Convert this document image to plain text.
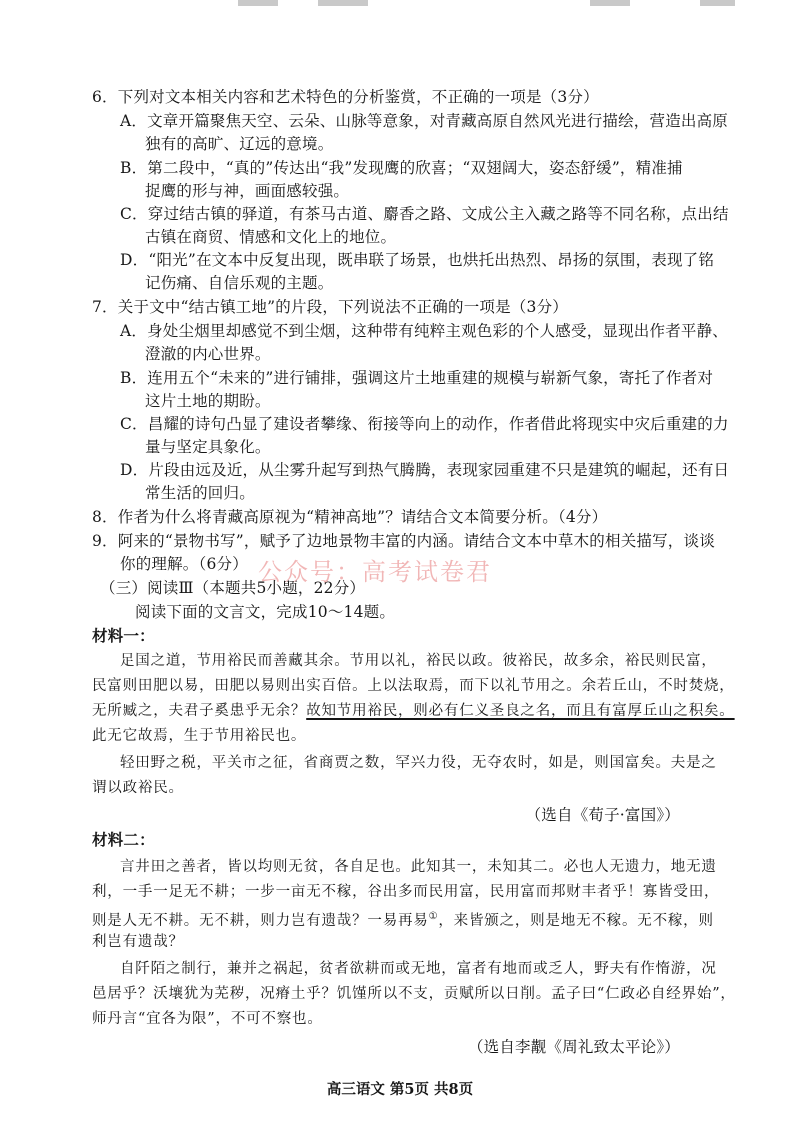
6．下列对文本相关内容和艺术特色的分析鉴赏，不正确的一项是（3分）
A．文章开篇聚焦天空、云朵、山脉等意象，对青藏高原自然风光进行描绘，营造出高原
独有的高旷、辽远的意境。
B．第二段中，“真的”传达出“我”发现鹰的欣喜；“双翅阔大，姿态舒缓”，精准捕
捉鹰的形与神，画面感较强。
C．穿过结古镇的驿道，有茶马古道、麝香之路、文成公主入藏之路等不同名称，点出结
古镇在商贸、情感和文化上的地位。
D．“阳光”在文本中反复出现，既串联了场景，也烘托出热烈、昂扬的氛围，表现了铭
记伤痛、自信乐观的主题。
7．关于文中“结古镇工地”的片段，下列说法不正确的一项是（3分）
A．身处尘烟里却感觉不到尘烟，这种带有纯粹主观色彩的个人感受，显现出作者平静、
澄澈的内心世界。
B．连用五个“未来的”进行铺排，强调这片土地重建的规模与崭新气象，寄托了作者对
这片土地的期盼。
C．昌耀的诗句凸显了建设者攀缘、衔接等向上的动作，作者借此将现实中灾后重建的力
量与坚定具象化。
D．片段由远及近，从尘雾升起写到热气腾腾，表现家园重建不只是建筑的崛起，还有日
常生活的回归。
8．作者为什么将青藏高原视为“精神高地”？请结合文本简要分析。（4分）
9．阿来的“景物书写”，赋予了边地景物丰富的内涵。请结合文本中草木的相关描写，谈谈
你的理解。（6分）
（三）阅读Ⅲ（本题共5小题，22分）
阅读下面的文言文，完成10～14题。
公众号：高考试卷君
材料一：
足国之道，节用裕民而善藏其余。节用以礼，裕民以政。彼裕民，故多余，裕民则民富，
民富则田肥以易，田肥以易则出实百倍。上以法取焉，而下以礼节用之。余若丘山，不时焚烧，
无所臧之，夫君子奚患乎无余？故知节用裕民，则必有仁义圣良之名，而且有富厚丘山之积矣。
此无它故焉，生于节用裕民也。
轻田野之税，平关市之征，省商贾之数，罕兴力役，无夺农时，如是，则国富矣。夫是之
谓以政裕民。
（选自《荀子·富国》）
材料二：
言井田之善者，皆以均则无贫，各自足也。此知其一，未知其二。必也人无遗力，地无遗
利，一手一足无不耕；一步一亩无不稼，谷出多而民用富，民用富而邦财丰者乎！寡皆受田，
则是人无不耕。无不耕，则力岂有遗哉？一易再易①，来皆颁之，则是地无不稼。无不稼，则
利岂有遗哉？
自阡陌之制行，兼并之祸起，贫者欲耕而或无地，富者有地而或乏人，野夫有作惰游，况
邑居乎？沃壤犹为芜秽，况瘠土乎？饥馑所以不支，贡赋所以日削。孟子曰“仁政必自经界始”，
师丹言“宜各为限”，不可不察也。
（选自李觏《周礼致太平论》）
高三语文 第5页 共8页
